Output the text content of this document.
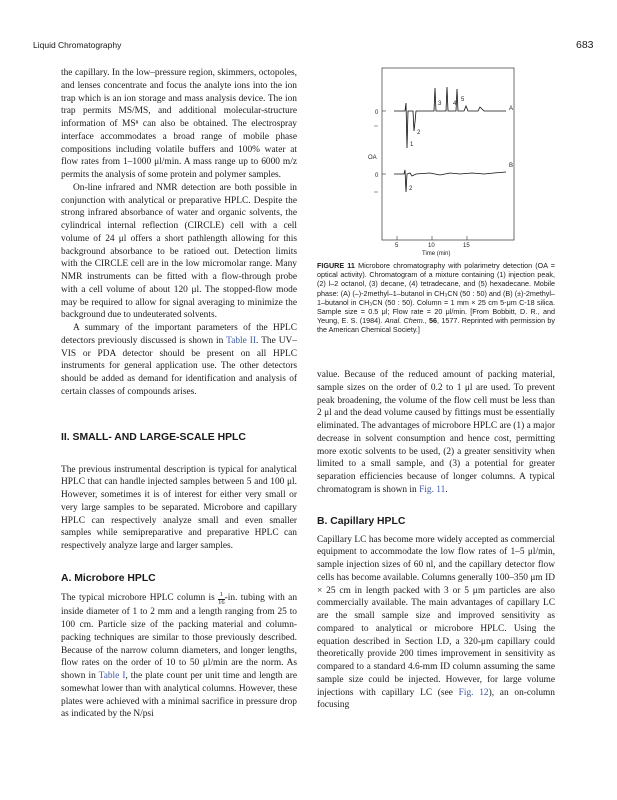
Liquid Chromatography	683

the capillary. In the low–pressure region, skimmers, octopoles, and lenses concentrate and focus the analyte ions into the ion trap which is an ion storage and mass analysis device. The ion trap permits MS/MS, and additional molecular-structure information of MSⁿ can also be obtained. The electrospray interface accommodates a broad range of mobile phase compositions including volatile buffers and 100% water at flow rates from 1–1000 μl/min. A mass range up to 6000 m/z permits the analysis of some protein and polymer samples.

On-line infrared and NMR detection are both possible in conjunction with analytical or preparative HPLC. Despite the strong infrared absorbance of water and organic solvents, the cylindrical internal reflection (CIRCLE) cell with a cell volume of 24 μl offers a short pathlength allowing for this background absorbance to be ratioed out. Detection limits with the CIRCLE cell are in the low micromolar range. Many NMR instruments can be fitted with a flow-through probe with a cell volume of about 120 μl. The stopped-flow mode may be required to allow for signal averaging to minimize the background due to undeuterated solvents.

A summary of the important parameters of the HPLC detectors previously discussed is shown in Table II. The UV–VIS or PDA detector should be present on all HPLC instruments for general application use. The other detectors should be added as demand for identification and analysis of certain classes of compounds arises.

II. SMALL- AND LARGE-SCALE HPLC

The previous instrumental description is typical for analytical HPLC that can handle injected samples between 5 and 100 μl. However, sometimes it is of interest for either very small or very large samples to be separated. Microbore and capillary HPLC can respectively analyze small and even smaller samples while semipreparative and preparative HPLC can respectively analyze large and larger samples.

A. Microbore HPLC

The typical microbore HPLC column is $\frac{1}{16} -in$. tubing with an inside diameter of 1 to 2 mm and a length ranging from 25 to 100 cm. Particle size of the packing material and column-packing techniques are similar to those previously described. Because of the narrow column diameters, and longer lengths, flow rates on the order of 10 to 50 μl/min are the norm. As shown in Table I, the plate count per unit time and length are somewhat lower than with analytical columns. However, these plates were achieved with a minimal sacrifice in pressure drop as indicated by the N/psi

0
0
OA
A
B
1
2
3 4
5
2
5	10	15
Time (min)
FIGURE 11 Microbore chromatography with polarimetry detection (OA = optical activity). Chromatogram of a mixture containing (1) injection peak, (2) l–2 octanol, (3) decane, (4) tetradecane, and (5) hexadecane. Mobile phase: (A) (–)-2methyl–1–butanol in CH₃CN (50 : 50) and (B) (±)-2methyl–1–butanol in CH₃CN (50 : 50). Column = 1 mm × 25 cm 5-μm C-18 silica. Sample size = 0.5 μl; Flow rate = 20 μl/min. [From Bobbitt, D. R., and Yeung, E. S. (1984). Anal. Chem., 56, 1577. Reprinted with permission by the American Chemical Society.]

value. Because of the reduced amount of packing material, sample sizes on the order of 0.2 to 1 μl are used. To prevent peak broadening, the volume of the flow cell must be less than 2 μl and the dead volume caused by fittings must be essentially eliminated. The advantages of microbore HPLC are (1) a major decrease in solvent consumption and hence cost, permitting more exotic solvents to be used, (2) a greater sensitivity when limited to a small sample, and (3) a potential for greater separation efficiencies because of longer columns. A typical chromatogram is shown in Fig. 11.

B. Capillary HPLC

Capillary LC has become more widely accepted as commercial equipment to accommodate the low flow rates of 1–5 μl/min, sample injection sizes of 60 nl, and the capillary detector flow cells has become available. Columns generally 100–350 μm ID × 25 cm in length packed with 3 or 5 μm particles are also commercially available. The main advantages of capillary LC are the small sample size and improved sensitivity as compared to analytical or microbore HPLC. Using the equation described in Section I.D, a 320-μm capillary could theoretically provide 200 times improvement in sensitivity as compared to a standard 4.6-mm ID column assuming the same sample size could be injected. However, for large volume injections with capillary LC (see Fig. 12), an on-column focusing
